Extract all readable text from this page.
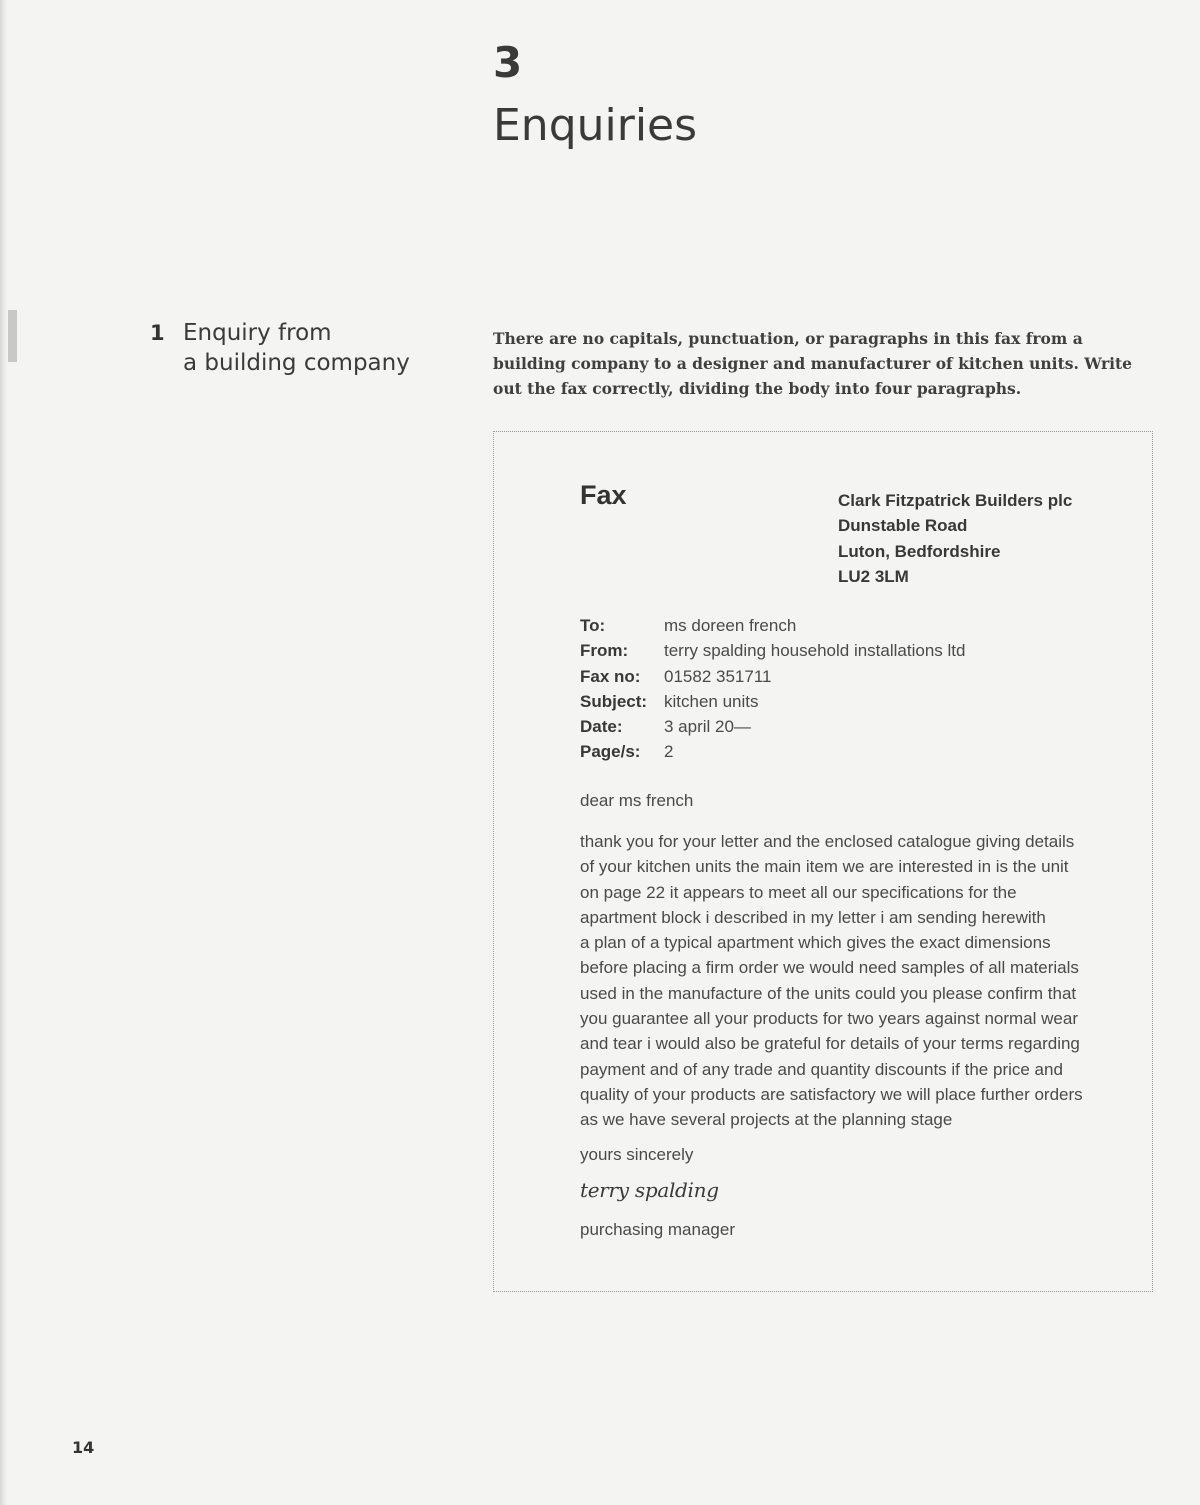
3
Enquiries
1 Enquiry from
a building company
There are no capitals, punctuation, or paragraphs in this fax from a building company to a designer and manufacturer of kitchen units. Write out the fax correctly, dividing the body into four paragraphs.
Fax	Clark Fitzpatrick Builders plc
Dunstable Road
Luton, Bedfordshire
LU2 3LM
To:	ms doreen french
From:	terry spalding household installations ltd
Fax no:	01582 351711
Subject: kitchen units
Date:	3 april 20—
Page/s:	2
dear ms french
thank you for your letter and the enclosed catalogue giving details
of your kitchen units the main item we are interested in is the unit
on page 22 it appears to meet all our specifications for the
apartment block i described in my letter i am sending herewith
a plan of a typical apartment which gives the exact dimensions
before placing a firm order we would need samples of all materials
used in the manufacture of the units could you please confirm that
you guarantee all your products for two years against normal wear
and tear i would also be grateful for details of your terms regarding
payment and of any trade and quantity discounts if the price and
quality of your products are satisfactory we will place further orders
as we have several projects at the planning stage
yours sincerely
terry spalding
purchasing manager
14
